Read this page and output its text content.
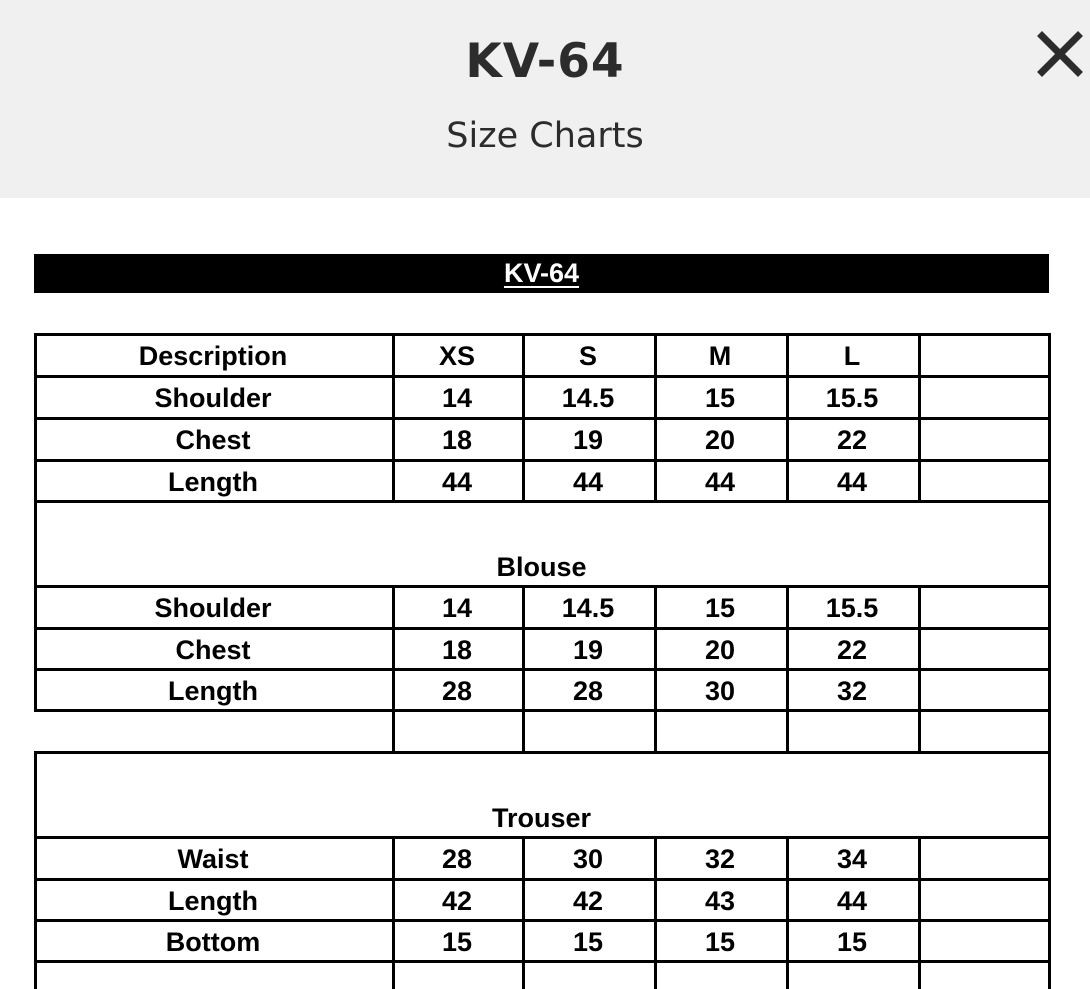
KV-64
Size Charts
KV-64
Description	XS	S	M	L
Shoulder	14	14.5	15	15.5
Chest	18	19	20	22
Length	44	44	44	44
Blouse
Shoulder	14	14.5	15	15.5
Chest	18	19	20	22
Length	28	28	30	32
Trouser
Waist	28	30	32	34
Length	42	42	43	44
Bottom	15	15	15	15
